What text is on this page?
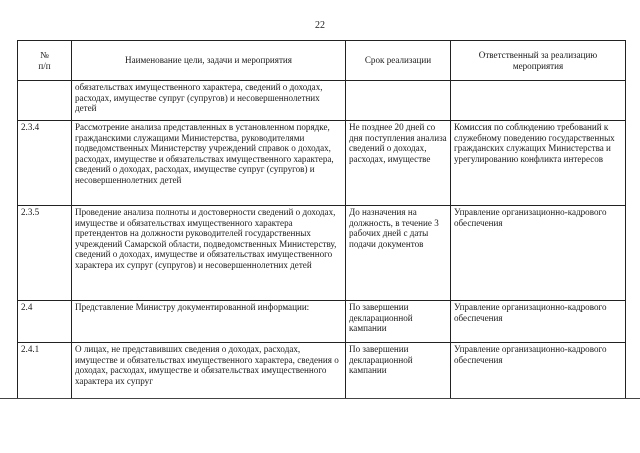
22
№
п/п	Наименование цели, задачи и мероприятия	Срок реализации	Ответственный за реализацию мероприятия
	обязательствах имущественного характера, сведений о доходах, расходах, имуществе супруг (супругов) и несовершеннолетних детей		
2.3.4	Рассмотрение анализа представленных в установленном порядке, гражданскими служащими Министерства, руководителями подведомственных Министерству учреждений справок о доходах, расходах, имуществе и обязательствах имущественного характера, сведений о доходах, расходах, имуществе супруг (супругов) и несовершеннолетних детей	Не позднее 20 дней со дня поступления анализа сведений о доходах, расходах, имуществе	Комиссия по соблюдению требований к служебному поведению государственных гражданских служащих Министерства и урегулированию конфликта интересов
2.3.5	Проведение анализа полноты и достоверности сведений о доходах, имуществе и обязательствах имущественного характера претендентов на должности руководителей государственных учреждений Самарской области, подведомственных Министерству, сведений о доходах, имуществе и обязательствах имущественного характера их супруг (супругов) и несовершеннолетних детей	До назначения на должность, в течение 3 рабочих дней с даты подачи документов	Управление организационно-кадрового обеспечения
2.4	Представление Министру документированной информации:	По завершении декларационной кампании	Управление организационно-кадрового обеспечения
2.4.1	О лицах, не представивших сведения о доходах, расходах, имуществе и обязательствах имущественного характера, сведения о доходах, расходах, имуществе и обязательствах имущественного характера их супруг	По завершении декларационной кампании	Управление организационно-кадрового обеспечения
